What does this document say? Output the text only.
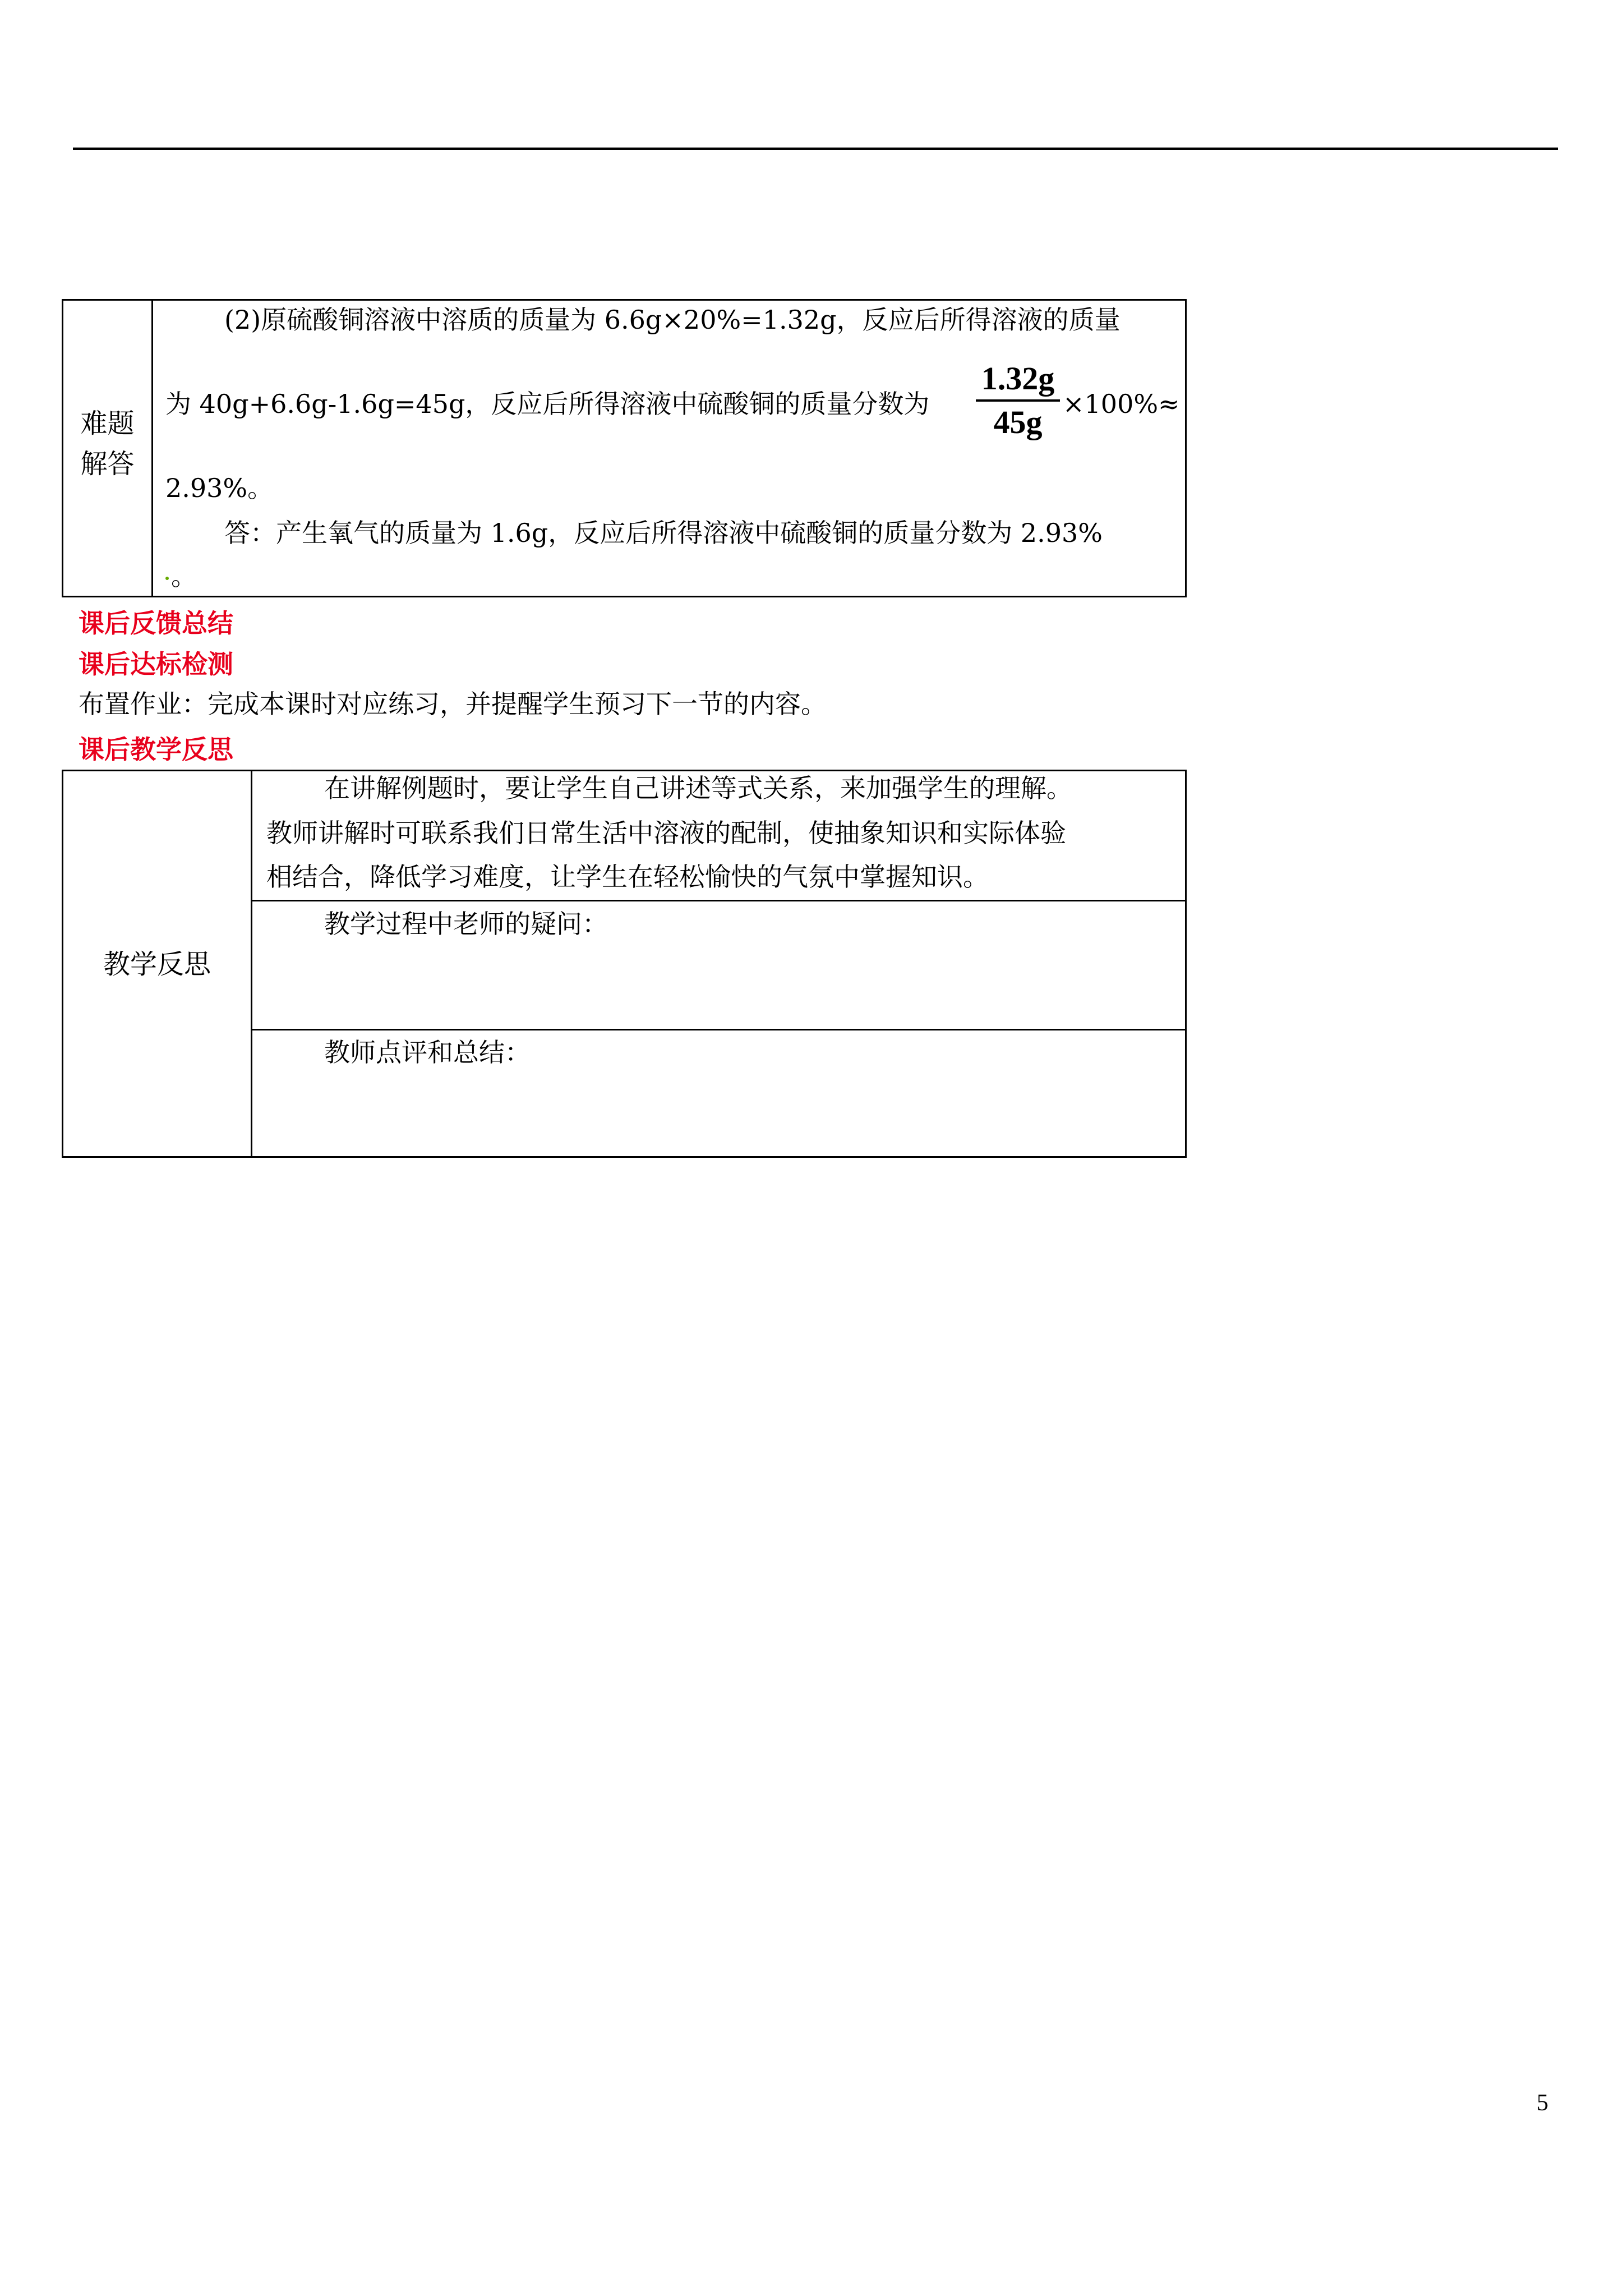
难题
解答
(2)原硫酸铜溶液中溶质的质量为 6.6g×20%=1.32g，反应后所得溶液的质量
为 40g+6.6g-1.6g=45g，反应后所得溶液中硫酸铜的质量分数为
1.32g
45g ×100%≈
2.93%。
答：产生氧气的质量为 1.6g，反应后所得溶液中硫酸铜的质量分数为 2.93%
。
课后反馈总结
课后达标检测
布置作业：完成本课时对应练习，并提醒学生预习下一节的内容。
课后教学反思
教学反思
在讲解例题时，要让学生自己讲述等式关系，来加强学生的理解。
教师讲解时可联系我们日常生活中溶液的配制，使抽象知识和实际体验
相结合，降低学习难度，让学生在轻松愉快的气氛中掌握知识。
教学过程中老师的疑问：
教师点评和总结：
5
